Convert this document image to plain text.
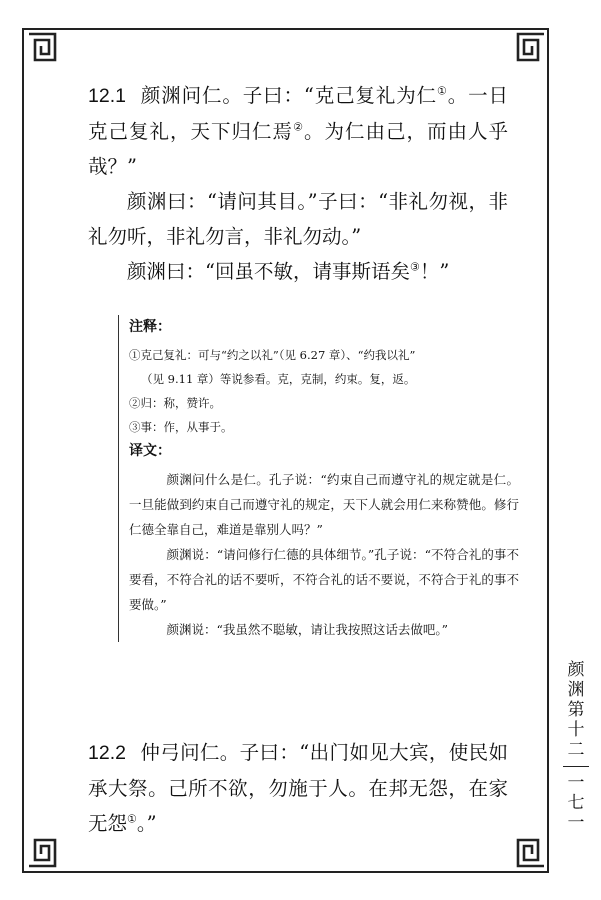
12.1 颜渊问仁。子曰：“克己复礼为仁①。一日克己复礼，天下归仁焉②。为仁由己，而由人乎哉？”

颜渊曰：“请问其目。”子曰：“非礼勿视，非礼勿听，非礼勿言，非礼勿动。”

颜渊曰：“回虽不敏，请事斯语矣③！”

注释：

①克己复礼：可与“约之以礼”（见 6.27 章）、“约我以礼”

（见 9.11 章）等说参看。克，克制，约束。复，返。

②归：称，赞许。

③事：作，从事于。

译文：

颜渊问什么是仁。孔子说：“约束自己而遵守礼的规定就是仁。一旦能做到约束自己而遵守礼的规定，天下人就会用仁来称赞他。修行仁德全靠自己，难道是靠别人吗？”

颜渊说：“请问修行仁德的具体细节。”孔子说：“不符合礼的事不要看，不符合礼的话不要听，不符合礼的话不要说，不符合于礼的事不要做。”

颜渊说：“我虽然不聪敏，请让我按照这话去做吧。”

12.2 仲弓问仁。子曰：“出门如见大宾，使民如承大祭。己所不欲，勿施于人。在邦无怨，在家无怨①。”

颜渊第十二
一七一
